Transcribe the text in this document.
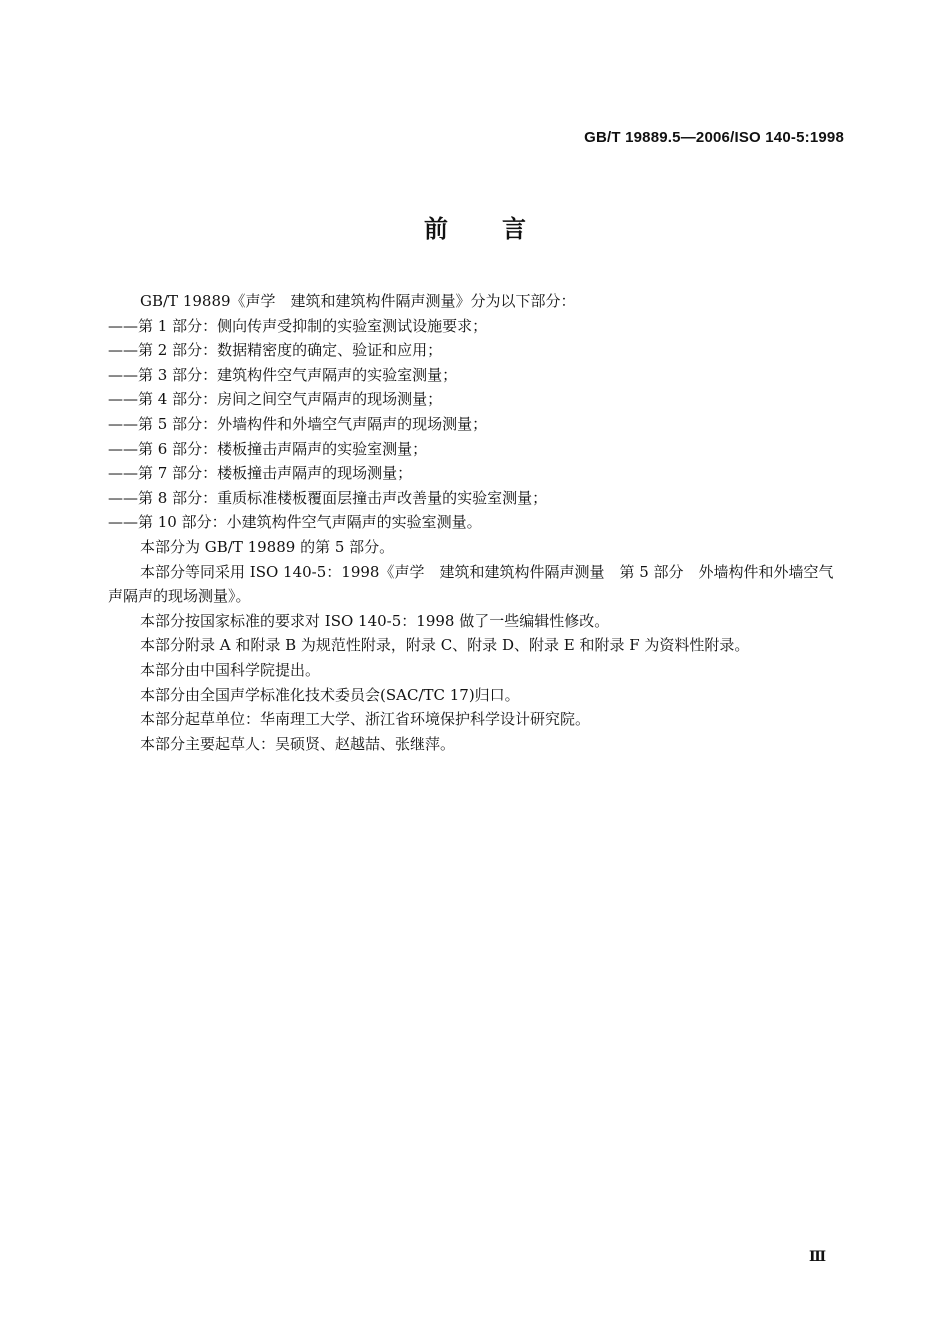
GB/T 19889.5—2006/ISO 140-5:1998
前言

GB/T 19889《声学　建筑和建筑构件隔声测量》分为以下部分：

——第 1 部分：侧向传声受抑制的实验室测试设施要求；

——第 2 部分：数据精密度的确定、验证和应用；

——第 3 部分：建筑构件空气声隔声的实验室测量；

——第 4 部分：房间之间空气声隔声的现场测量；

——第 5 部分：外墙构件和外墙空气声隔声的现场测量；

——第 6 部分：楼板撞击声隔声的实验室测量；

——第 7 部分：楼板撞击声隔声的现场测量；

——第 8 部分：重质标准楼板覆面层撞击声改善量的实验室测量；

——第 10 部分：小建筑构件空气声隔声的实验室测量。

本部分为 GB/T 19889 的第 5 部分。

本部分等同采用 ISO 140-5：1998《声学　建筑和建筑构件隔声测量　第 5 部分　外墙构件和外墙空气声隔声的现场测量》。

本部分按国家标准的要求对 ISO 140-5：1998 做了一些编辑性修改。

本部分附录 A 和附录 B 为规范性附录，附录 C、附录 D、附录 E 和附录 F 为资料性附录。

本部分由中国科学院提出。

本部分由全国声学标准化技术委员会(SAC/TC 17)归口。

本部分起草单位：华南理工大学、浙江省环境保护科学设计研究院。

本部分主要起草人：吴硕贤、赵越喆、张继萍。

Ⅲ
